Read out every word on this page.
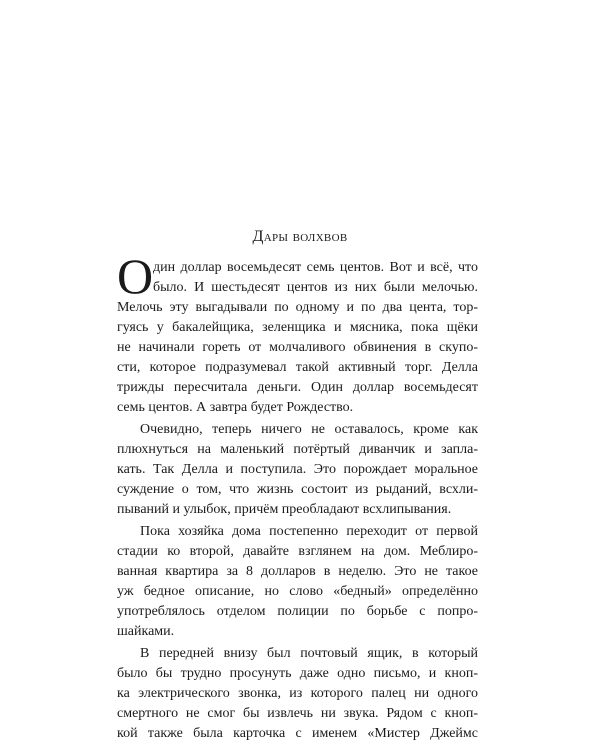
Дары волхвов
О дин доллар восемьдесят семь центов. Вот и всё, что
было. И шестьдесят центов из них были мелочью.
Мелочь эту выгадывали по одному и по два цента, тор-
гуясь у бакалейщика, зеленщика и мясника, пока щёки
не начинали гореть от молчаливого обвинения в скупо-
сти, которое подразумевал такой активный торг. Делла
трижды пересчитала деньги. Один доллар восемьдесят
семь центов. А завтра будет Рождество.
Очевидно, теперь ничего не оставалось, кроме как
плюхнуться на маленький потёртый диванчик и запла-
кать. Так Делла и поступила. Это порождает моральное
суждение о том, что жизнь состоит из рыданий, всхли-
пываний и улыбок, причём преобладают всхлипывания.
Пока хозяйка дома постепенно переходит от первой
стадии ко второй, давайте взглянем на дом. Меблиро-
ванная квартира за 8 долларов в неделю. Это не такое
уж бедное описание, но слово «бедный» определённо
употреблялось отделом полиции по борьбе с попро-
шайками.
В передней внизу был почтовый ящик, в который
было бы трудно просунуть даже одно письмо, и кноп-
ка электрического звонка, из которого палец ни одного
смертного не смог бы извлечь ни звука. Рядом с кноп-
кой также была карточка с именем «Мистер Джеймс
